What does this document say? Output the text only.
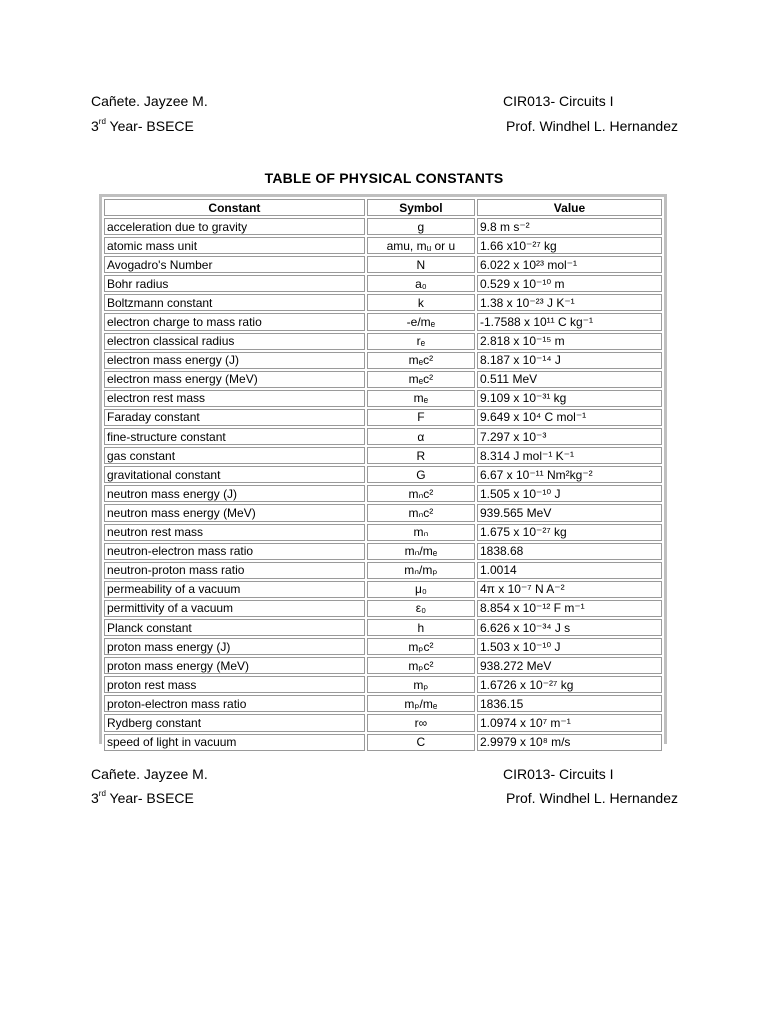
Cañete. Jayzee M.	CIR013- Circuits I
3rd Year- BSECE	Prof. Windhel L. Hernandez
TABLE OF PHYSICAL CONSTANTS
Constant	Symbol	Value
acceleration due to gravity	g	9.8 m s⁻²
atomic mass unit	amu, mᵤ or u	1.66 x10⁻²⁷ kg
Avogadro's Number	N	6.022 x 10²³ mol⁻¹
Bohr radius	a₀	0.529 x 10⁻¹⁰ m
Boltzmann constant	k	1.38 x 10⁻²³ J K⁻¹
electron charge to mass ratio	-e/mₑ	-1.7588 x 10¹¹ C kg⁻¹
electron classical radius	rₑ	2.818 x 10⁻¹⁵ m
electron mass energy (J)	mₑc²	8.187 x 10⁻¹⁴ J
electron mass energy (MeV)	mₑc²	0.511 MeV
electron rest mass	mₑ	9.109 x 10⁻³¹ kg
Faraday constant	F	9.649 x 10⁴ C mol⁻¹
fine-structure constant	α	7.297 x 10⁻³
gas constant	R	8.314 J mol⁻¹ K⁻¹
gravitational constant	G	6.67 x 10⁻¹¹ Nm²kg⁻²
neutron mass energy (J)	mₙc²	1.505 x 10⁻¹⁰ J
neutron mass energy (MeV)	mₙc²	939.565 MeV
neutron rest mass	mₙ	1.675 x 10⁻²⁷ kg
neutron-electron mass ratio	mₙ/mₑ	1838.68
neutron-proton mass ratio	mₙ/mₚ	1.0014
permeability of a vacuum	μ₀	4π x 10⁻⁷ N A⁻²
permittivity of a vacuum	ε₀	8.854 x 10⁻¹² F m⁻¹
Planck constant	h	6.626 x 10⁻³⁴ J s
proton mass energy (J)	mₚc²	1.503 x 10⁻¹⁰ J
proton mass energy (MeV)	mₚc²	938.272 MeV
proton rest mass	mₚ	1.6726 x 10⁻²⁷ kg
proton-electron mass ratio	mₚ/mₑ	1836.15
Rydberg constant	r∞	1.0974 x 10⁷ m⁻¹
speed of light in vacuum	C	2.9979 x 10⁸ m/s
Cañete. Jayzee M.	CIR013- Circuits I
3rd Year- BSECE	Prof. Windhel L. Hernandez
